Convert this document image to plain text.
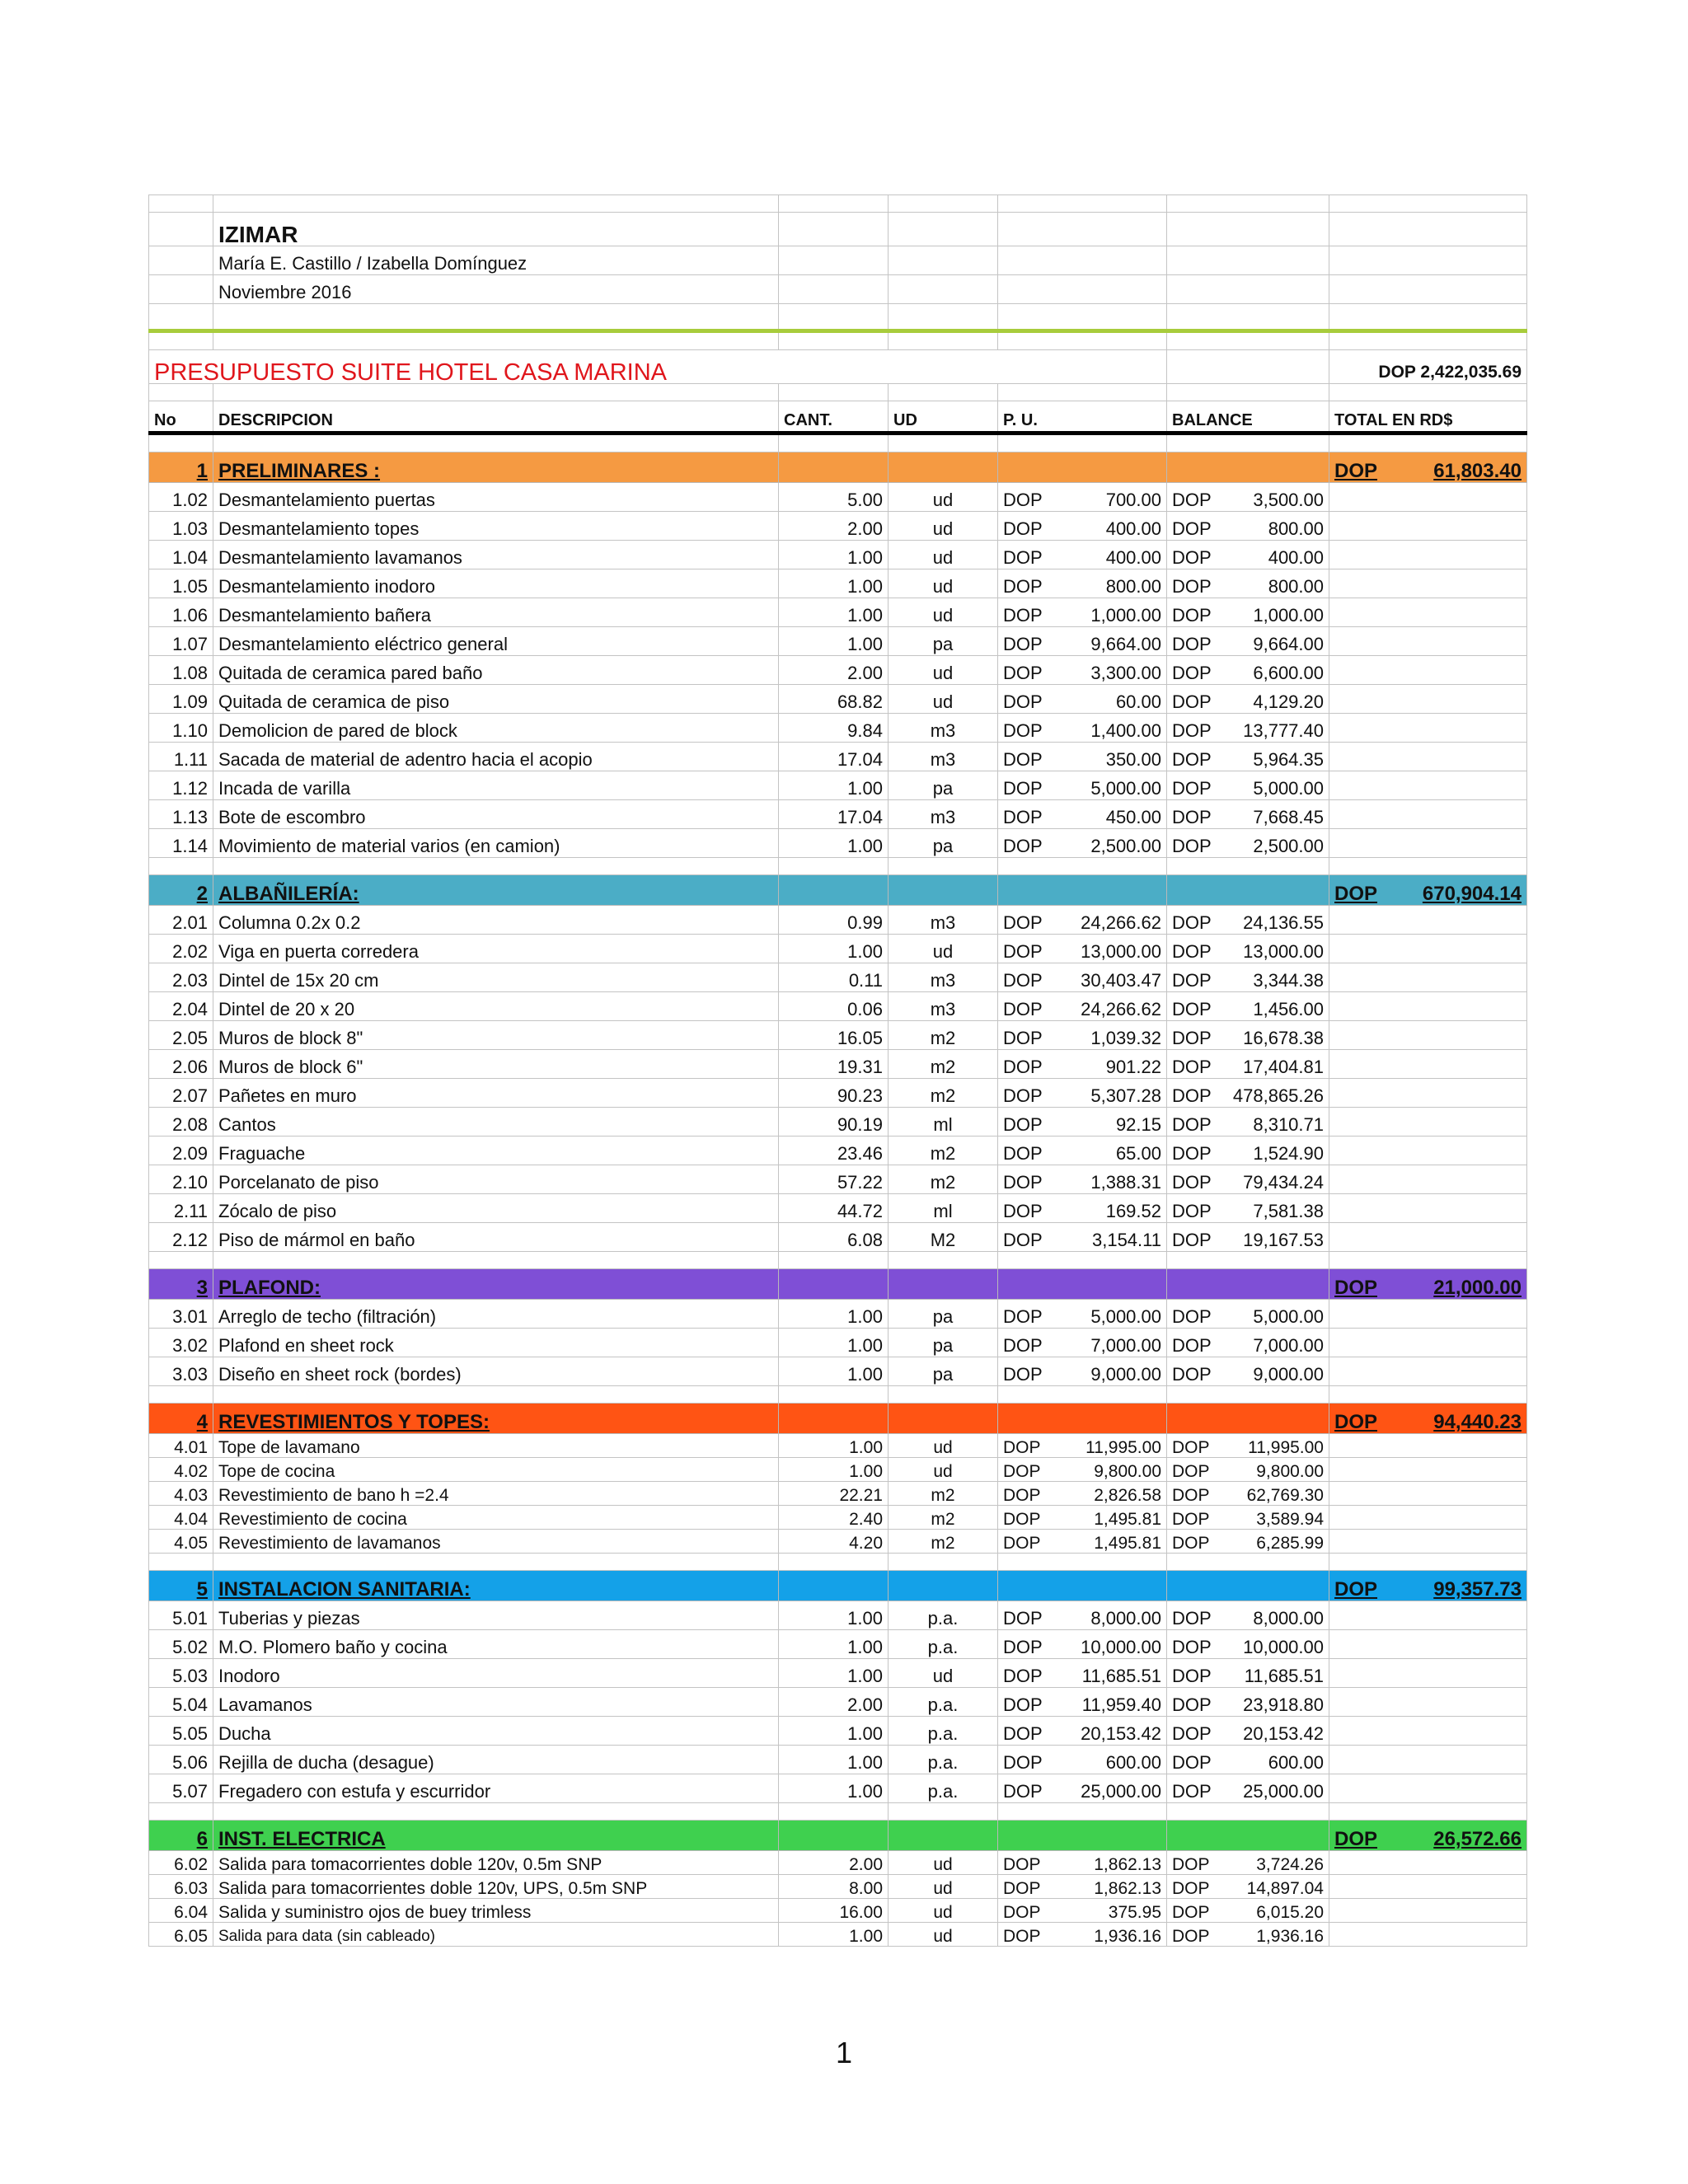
	IZIMAR					
	María E. Castillo / Izabella Domínguez					
	Noviembre 2016					

PRESUPUESTO SUITE HOTEL CASA MARINA						DOP 2,422,035.69

No	DESCRIPCION	CANT.	UD	P. U.	BALANCE	TOTAL EN RD$

1	PRELIMINARES :					DOP 61,803.40

1.02	Desmantelamiento puertas	5.00	ud	DOP 700.00	DOP 3,500.00	

1.03	Desmantelamiento topes	2.00	ud	DOP 400.00	DOP 800.00	

1.04	Desmantelamiento lavamanos	1.00	ud	DOP 400.00	DOP 400.00	

1.05	Desmantelamiento inodoro	1.00	ud	DOP 800.00	DOP 800.00	

1.06	Desmantelamiento bañera	1.00	ud	DOP 1,000.00	DOP 1,000.00	

1.07	Desmantelamiento eléctrico general	1.00	pa	DOP 9,664.00	DOP 9,664.00	

1.08	Quitada de ceramica pared baño	2.00	ud	DOP 3,300.00	DOP 6,600.00	

1.09	Quitada de ceramica de piso	68.82	ud	DOP 60.00	DOP 4,129.20	

1.10	Demolicion de pared de block	9.84	m3	DOP 1,400.00	DOP 13,777.40	

1.11	Sacada de material de adentro hacia el acopio	17.04	m3	DOP 350.00	DOP 5,964.35	

1.12	Incada de varilla	1.00	pa	DOP 5,000.00	DOP 5,000.00	

1.13	Bote de escombro	17.04	m3	DOP 450.00	DOP 7,668.45	

1.14	Movimiento de material varios (en camion)	1.00	pa	DOP 2,500.00	DOP 2,500.00	

2	ALBAÑILERÍA:					DOP 670,904.14

2.01	Columna 0.2x 0.2	0.99	m3	DOP 24,266.62	DOP 24,136.55	

2.02	Viga en puerta corredera	1.00	ud	DOP 13,000.00	DOP 13,000.00	

2.03	Dintel de 15x 20 cm	0.11	m3	DOP 30,403.47	DOP 3,344.38	

2.04	Dintel de 20 x 20	0.06	m3	DOP 24,266.62	DOP 1,456.00	

2.05	Muros de block 8"	16.05	m2	DOP 1,039.32	DOP 16,678.38	

2.06	Muros de block 6"	19.31	m2	DOP 901.22	DOP 17,404.81	

2.07	Pañetes en muro	90.23	m2	DOP 5,307.28	DOP 478,865.26	

2.08	Cantos	90.19	ml	DOP 92.15	DOP 8,310.71	

2.09	Fraguache	23.46	m2	DOP 65.00	DOP 1,524.90	

2.10	Porcelanato de piso	57.22	m2	DOP 1,388.31	DOP 79,434.24	

2.11	Zócalo de piso	44.72	ml	DOP 169.52	DOP 7,581.38	

2.12	Piso de mármol en baño	6.08	M2	DOP 3,154.11	DOP 19,167.53	

3	PLAFOND:					DOP 21,000.00

3.01	Arreglo de techo (filtración)	1.00	pa	DOP 5,000.00	DOP 5,000.00	

3.02	Plafond en sheet rock	1.00	pa	DOP 7,000.00	DOP 7,000.00	

3.03	Diseño en sheet rock (bordes)	1.00	pa	DOP 9,000.00	DOP 9,000.00	

4	REVESTIMIENTOS Y TOPES:					DOP 94,440.23

4.01	Tope de lavamano	1.00	ud	DOP 11,995.00	DOP 11,995.00	

4.02	Tope de cocina	1.00	ud	DOP 9,800.00	DOP 9,800.00	

4.03	Revestimiento de bano h =2.4	22.21	m2	DOP 2,826.58	DOP 62,769.30	

4.04	Revestimiento de cocina	2.40	m2	DOP 1,495.81	DOP 3,589.94	

4.05	Revestimiento de lavamanos	4.20	m2	DOP 1,495.81	DOP 6,285.99	

5	INSTALACION SANITARIA:					DOP 99,357.73

5.01	Tuberias y piezas	1.00	p.a.	DOP 8,000.00	DOP 8,000.00	

5.02	M.O. Plomero baño y cocina	1.00	p.a.	DOP 10,000.00	DOP 10,000.00	

5.03	Inodoro	1.00	ud	DOP 11,685.51	DOP 11,685.51	

5.04	Lavamanos	2.00	p.a.	DOP 11,959.40	DOP 23,918.80	

5.05	Ducha	1.00	p.a.	DOP 20,153.42	DOP 20,153.42	

5.06	Rejilla de ducha (desague)	1.00	p.a.	DOP 600.00	DOP 600.00	

5.07	Fregadero con estufa y escurridor	1.00	p.a.	DOP 25,000.00	DOP 25,000.00	

6	INST. ELECTRICA					DOP 26,572.66

6.02	Salida para tomacorrientes doble 120v, 0.5m SNP	2.00	ud	DOP 1,862.13	DOP 3,724.26	

6.03	Salida para tomacorrientes doble 120v, UPS, 0.5m SNP	8.00	ud	DOP 1,862.13	DOP 14,897.04	

6.04	Salida y suministro ojos de buey trimless	16.00	ud	DOP 375.95	DOP 6,015.20	

6.05	Salida para data (sin cableado)	1.00	ud	DOP 1,936.16	DOP 1,936.16	

1
